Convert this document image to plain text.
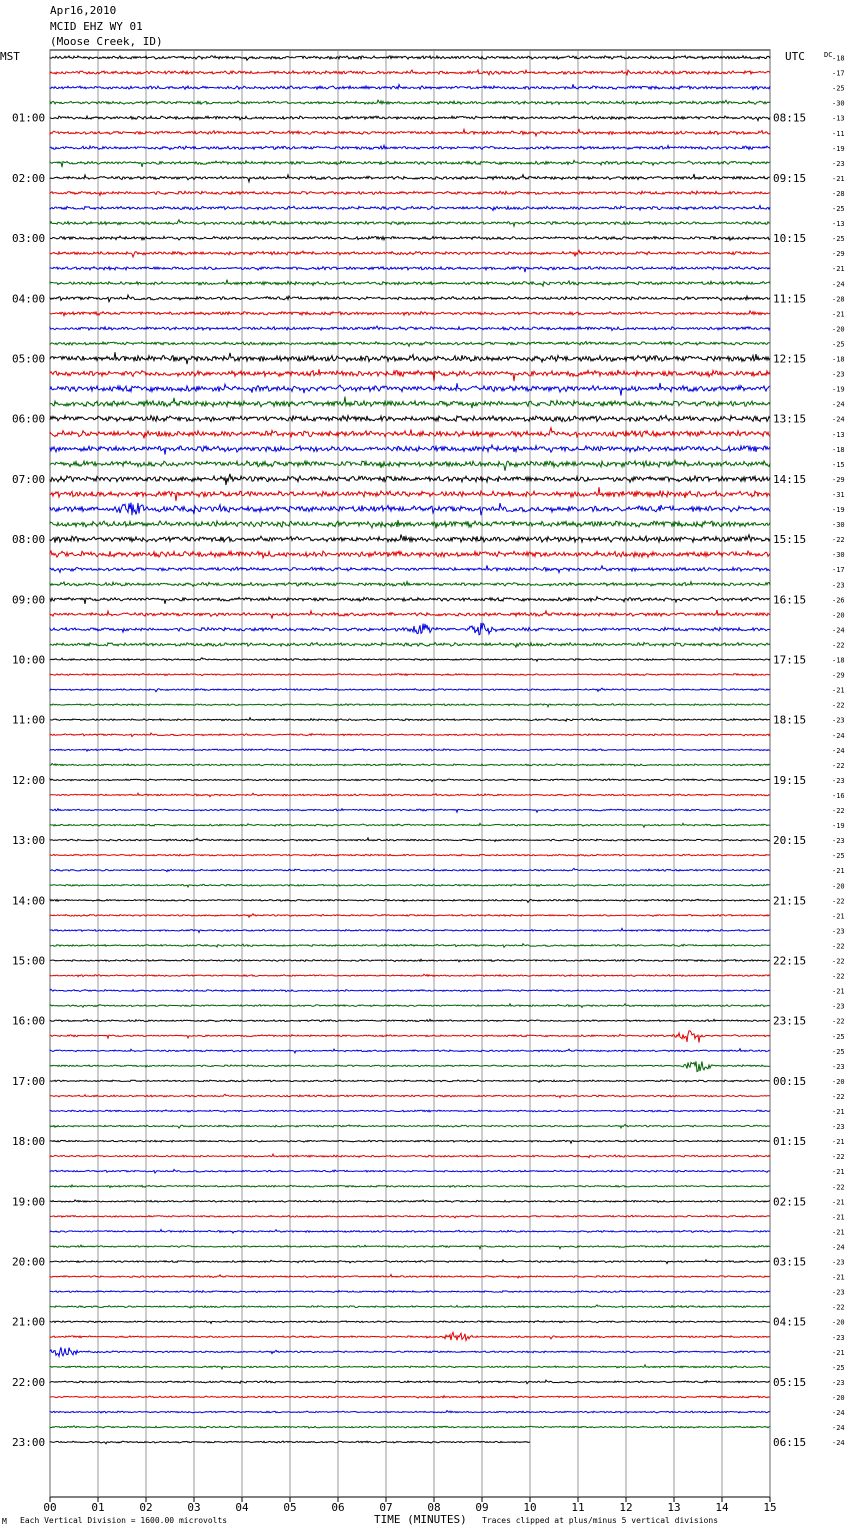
Apr16,2010
MCID EHZ WY 01
(Moose Creek, ID)
MST	UTC
01:00	08:15
02:00	09:15
03:00	10:15
04:00	11:15
05:00	12:15
06:00	13:15
07:00	14:15
08:00	15:15
09:00	16:15
10:00	17:15
11:00	18:15
12:00	19:15
13:00	20:15
14:00	21:15
15:00	22:15
16:00	23:15
17:00	00:15
18:00	01:15
19:00	02:15
20:00	03:15
21:00	04:15
22:00	05:15
23:00	06:15
-18
-17
-25
-30
-13
-11
-19
-23
-21
-28
-25
-13
-25
-29
-21
-24
-28
-21
-20
-25
-18
-23
-19
-24
-24
-13
-18
-15
-29
-31
-19
-30
-22
-30
-17
-23
-26
-20
-24
-22
-18
-29
-21
-22
-23
-24
-24
-22
-23
-16
-22
-19
-23
-25
-21
-20
-22
-21
-23
-22
-22
-22
-21
-23
-22
-25
-25
-23
-20
-22
-21
-23
-21
-22
-21
-22
-21
-21
-21
-24
-23
-21
-23
-22
-20
-23
-21
-25
-23
-20
-24
-24
-24
DC
00	01	02	03	04	05	06	07	08	09	10	11	12	13	14	15
M Each Vertical Division = 1600.00 microvolts	TIME (MINUTES) Traces clipped at plus/minus 5 vertical divisions
